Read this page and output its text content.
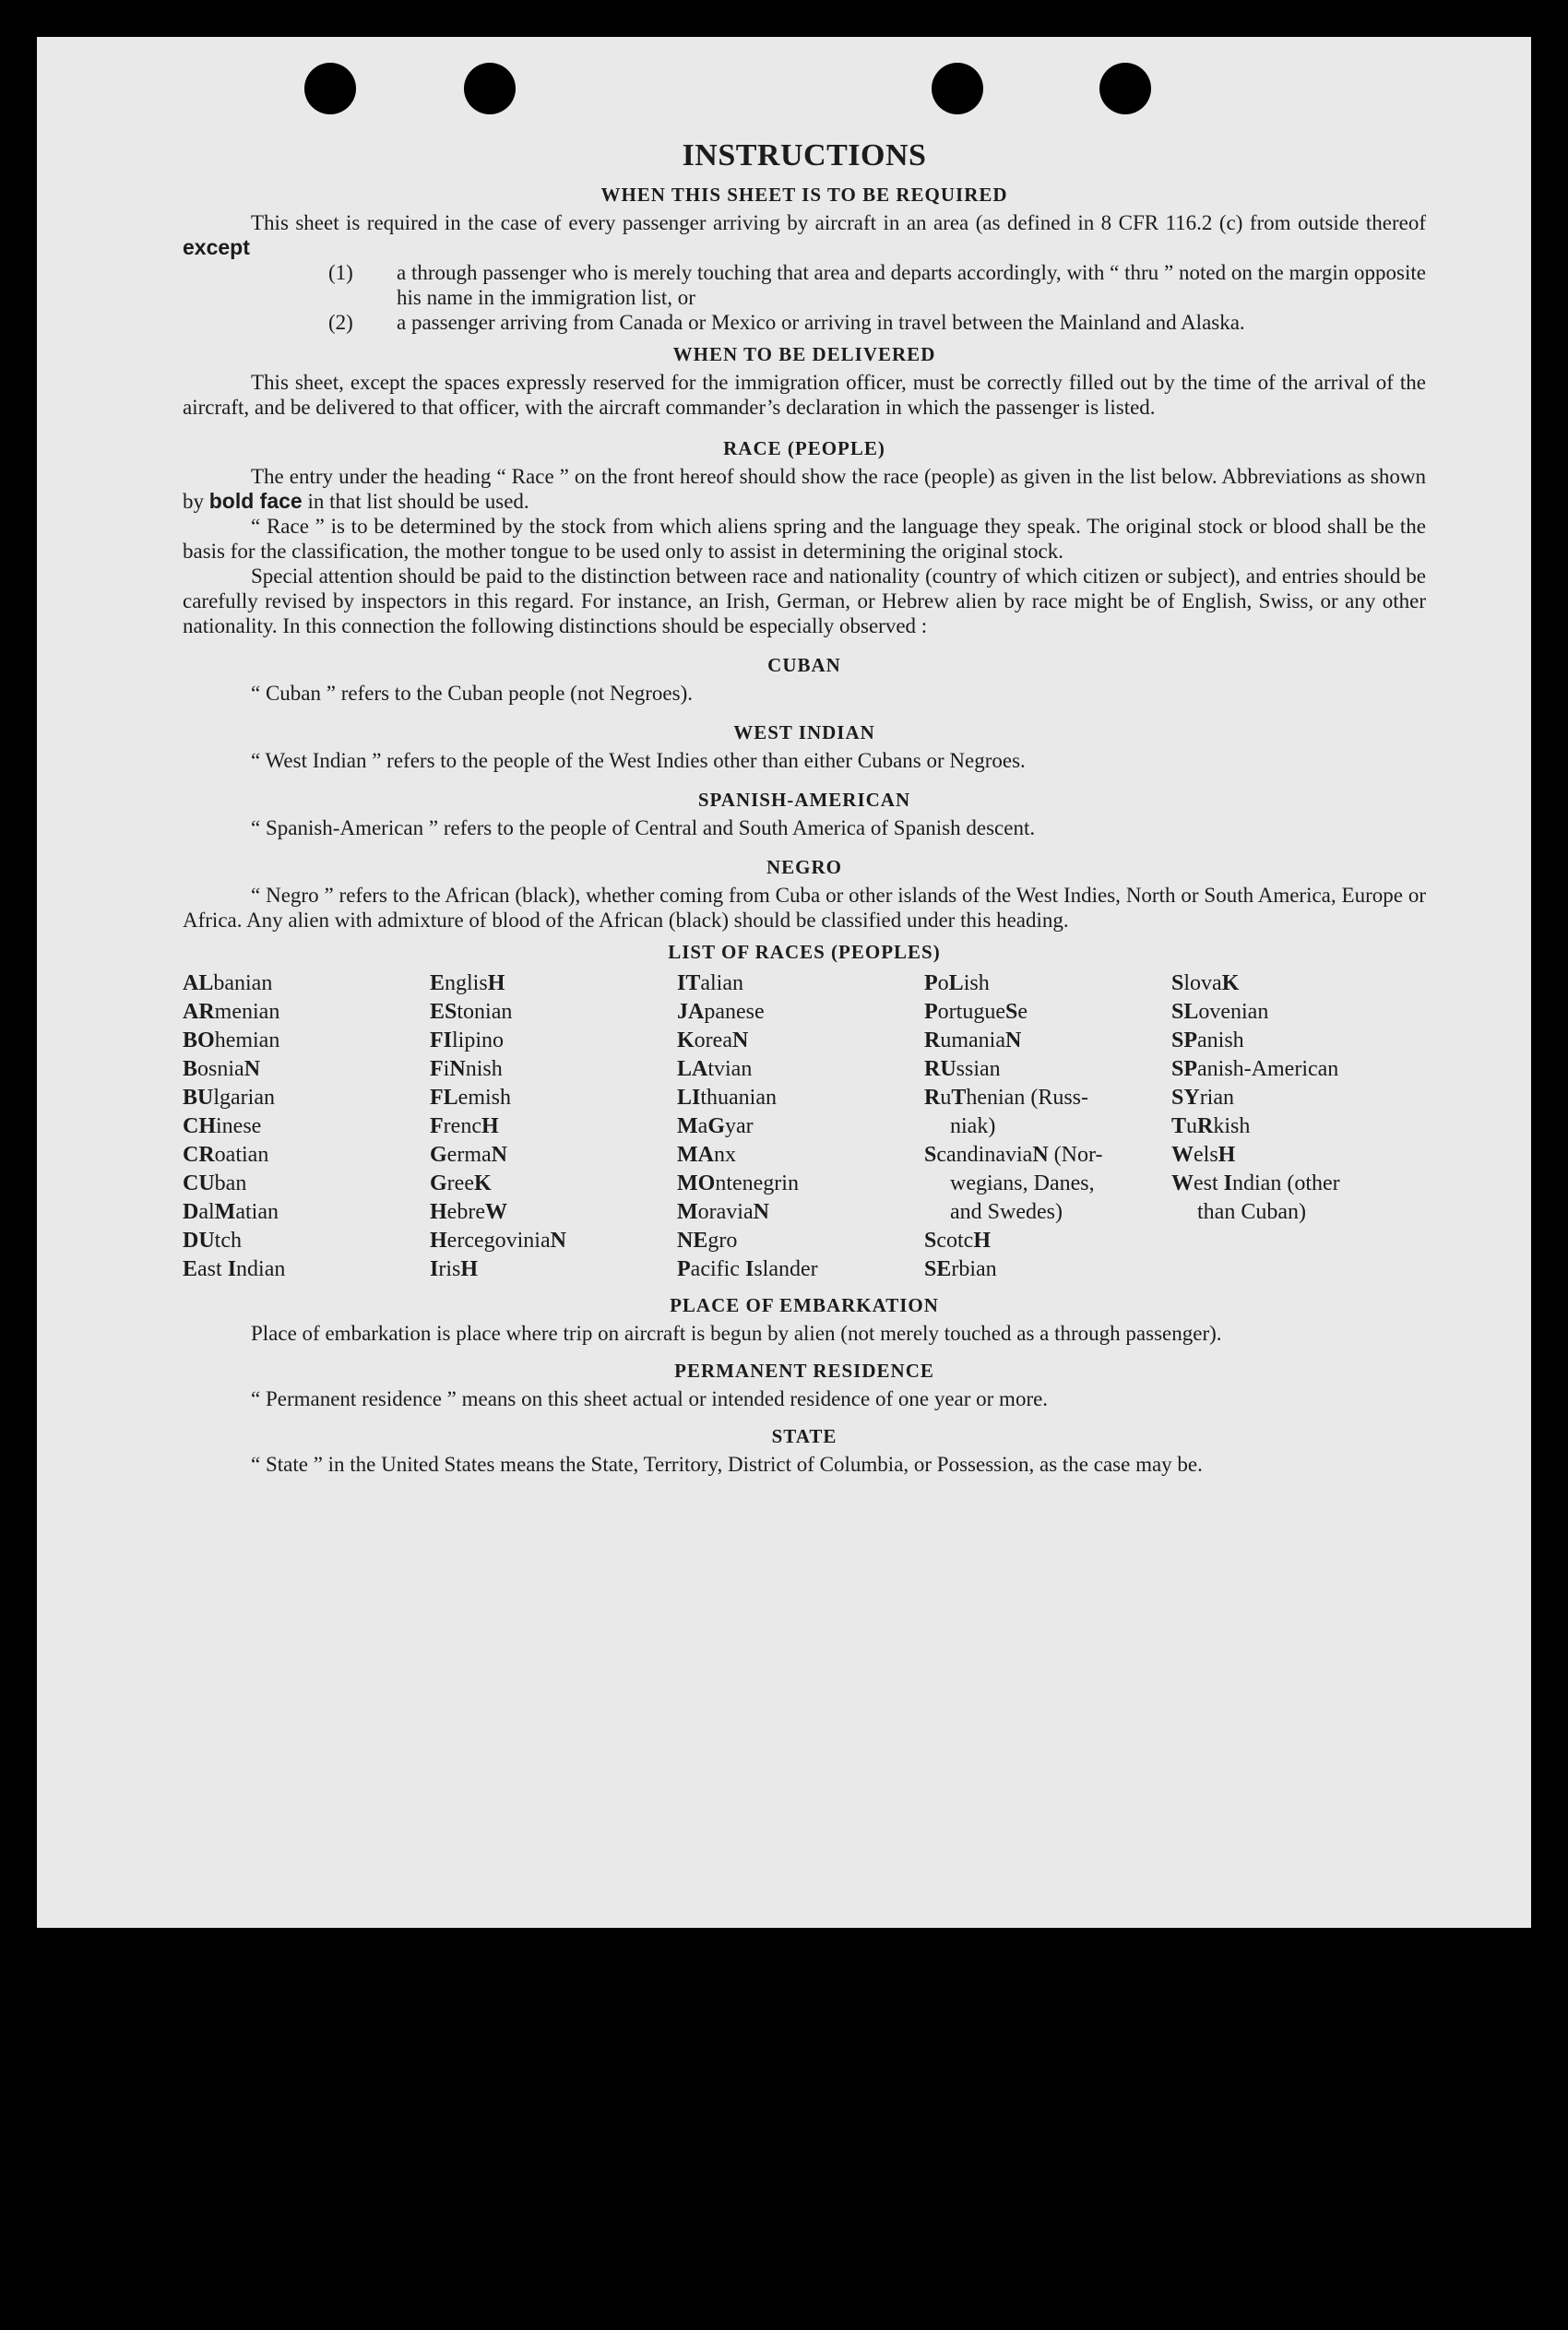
INSTRUCTIONS
WHEN THIS SHEET IS TO BE REQUIRED

This sheet is required in the case of every passenger arriving by aircraft in an area (as defined in 8 CFR 116.2 (c) from outside thereof except

(1)	a through passenger who is merely touching that area and departs accordingly, with “ thru ” noted on the margin opposite his name in the immigration list, or
(2)	a passenger arriving from Canada or Mexico or arriving in travel between the Mainland and Alaska.
WHEN TO BE DELIVERED

This sheet, except the spaces expressly reserved for the immigration officer, must be correctly filled out by the time of the arrival of the aircraft, and be delivered to that officer, with the aircraft commander’s declaration in which the passenger is listed.

RACE (PEOPLE)

The entry under the heading “ Race ” on the front hereof should show the race (people) as given in the list below. Abbreviations as shown by bold face in that list should be used.

“ Race ” is to be determined by the stock from which aliens spring and the language they speak. The original stock or blood shall be the basis for the classification, the mother tongue to be used only to assist in determining the original stock.

Special attention should be paid to the distinction between race and nationality (country of which citizen or subject), and entries should be carefully revised by inspectors in this regard. For instance, an Irish, German, or Hebrew alien by race might be of English, Swiss, or any other nationality. In this connection the following distinctions should be especially observed :

CUBAN

“ Cuban ” refers to the Cuban people (not Negroes).

WEST INDIAN

“ West Indian ” refers to the people of the West Indies other than either Cubans or Negroes.

SPANISH-AMERICAN

“ Spanish-American ” refers to the people of Central and South America of Spanish descent.

NEGRO

“ Negro ” refers to the African (black), whether coming from Cuba or other islands of the West Indies, North or South America, Europe or Africa. Any alien with admixture of blood of the African (black) should be classified under this heading.

LIST OF RACES (PEOPLES)
ALbanian
ARmenian
BOhemian
BosniaN
BUlgarian
CHinese
CRoatian
CUban
DalMatian
DUtch
East Indian
EnglisH
EStonian
FIlipino
FiNnish
FLemish
FrencH
GermaN
GreeK
HebreW
HercegoviniaN
IrisH
ITalian
JApanese
KoreaN
LAtvian
LIthuanian
MaGyar
MAnx
MOntenegrin
MoraviaN
NEgro
Pacific Islander
PoLish
PortugueSe
RumaniaN
RUssian
RuThenian (Russ-
niak)
ScandinaviaN (Nor-
wegians, Danes,
and Swedes)
ScotcH
SErbian
SlovaK
SLovenian
SPanish
SPanish-American
SYrian
TuRkish
WelsH
West Indian (other
than Cuban)
PLACE OF EMBARKATION

Place of embarkation is place where trip on aircraft is begun by alien (not merely touched as a through passenger).

PERMANENT RESIDENCE

“ Permanent residence ” means on this sheet actual or intended residence of one year or more.

STATE

“ State ” in the United States means the State, Territory, District of Columbia, or Possession, as the case may be.
